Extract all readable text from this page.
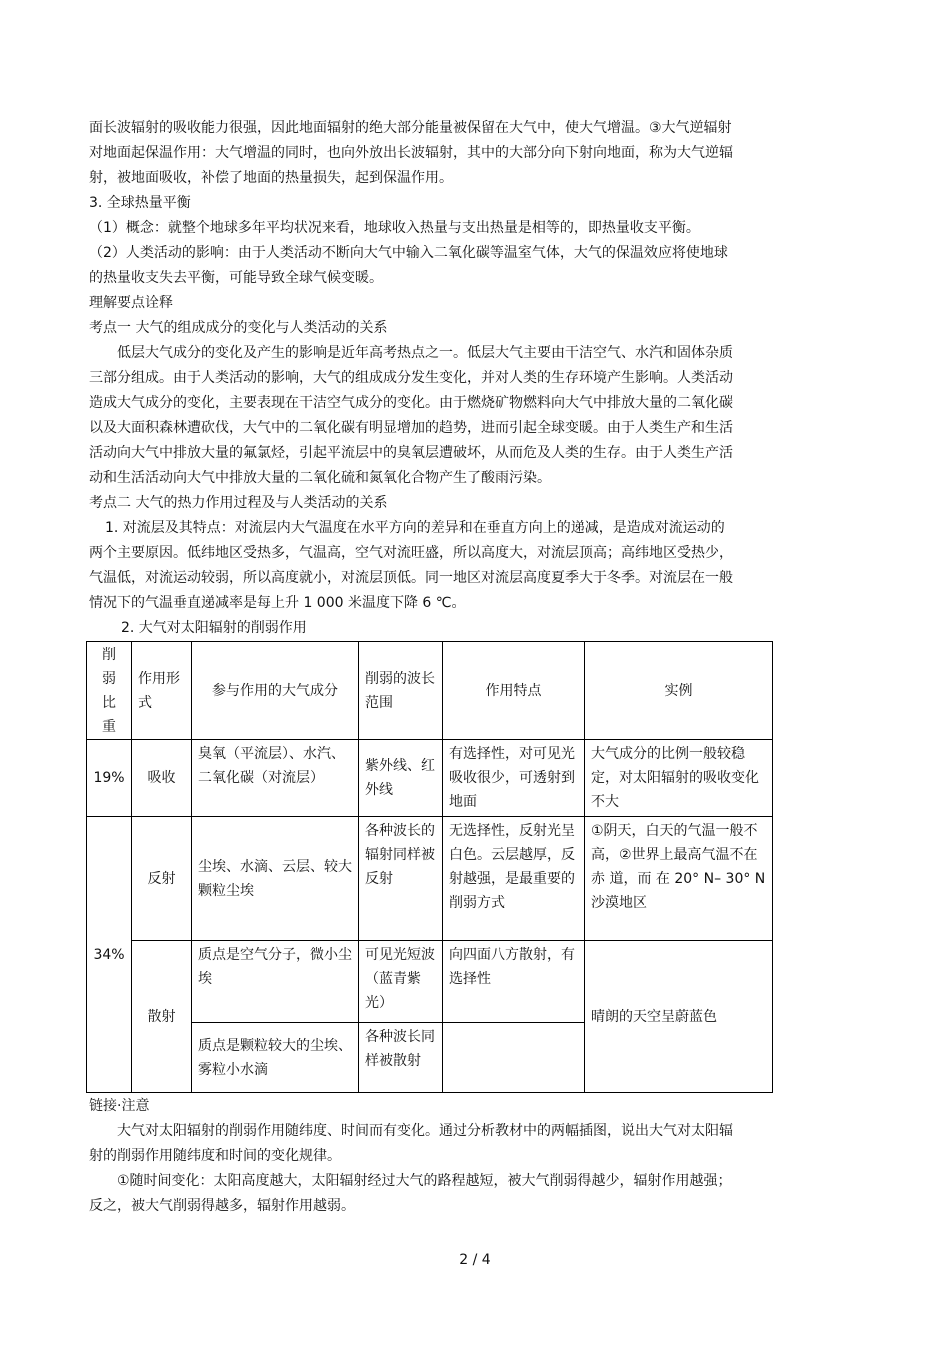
面长波辐射的吸收能力很强，因此地面辐射的绝大部分能量被保留在大气中，使大气增温。③大气逆辐射
对地面起保温作用：大气增温的同时，也向外放出长波辐射，其中的大部分向下射向地面，称为大气逆辐
射，被地面吸收，补偿了地面的热量损失，起到保温作用。
3. 全球热量平衡
（1）概念：就整个地球多年平均状况来看，地球收入热量与支出热量是相等的，即热量收支平衡。
（2）人类活动的影响：由于人类活动不断向大气中输入二氧化碳等温室气体，大气的保温效应将使地球
的热量收支失去平衡，可能导致全球气候变暖。
理解要点诠释
考点一 大气的组成成分的变化与人类活动的关系
低层大气成分的变化及产生的影响是近年高考热点之一。低层大气主要由干洁空气、水汽和固体杂质
三部分组成。由于人类活动的影响，大气的组成成分发生变化，并对人类的生存环境产生影响。人类活动
造成大气成分的变化，主要表现在干洁空气成分的变化。由于燃烧矿物燃料向大气中排放大量的二氧化碳
以及大面积森林遭砍伐，大气中的二氧化碳有明显增加的趋势，进而引起全球变暖。由于人类生产和生活
活动向大气中排放大量的氟氯烃，引起平流层中的臭氧层遭破坏，从而危及人类的生存。由于人类生产活
动和生活活动向大气中排放大量的二氧化硫和氮氧化合物产生了酸雨污染。
考点二 大气的热力作用过程及与人类活动的关系
1. 对流层及其特点：对流层内大气温度在水平方向的差异和在垂直方向上的递减，是造成对流运动的
两个主要原因。低纬地区受热多，气温高，空气对流旺盛，所以高度大，对流层顶高；高纬地区受热少，
气温低，对流运动较弱，所以高度就小，对流层顶低。同一地区对流层高度夏季大于冬季。对流层在一般
情况下的气温垂直递减率是每上升 1 000 米温度下降 6 ℃。
2. 大气对太阳辐射的削弱作用
削弱比重	作用形式	参与作用的大气成分	削弱的波长范围	作用特点	实例
19%	吸收	臭氧（平流层）、水汽、二氧化碳（对流层）	紫外线、红外线	有选择性，对可见光吸收很少，可透射到地面	大气成分的比例一般较稳定，对太阳辐射的吸收变化不大
34%	反射	尘埃、水滴、云层、较大颗粒尘埃	各种波长的辐射同样被反射	无选择性，反射光呈白色。云层越厚，反射越强，是最重要的削弱方式	①阴天，白天的气温一般不高，②世界上最高气温不在赤 道，而 在 20° N– 30° N 沙漠地区
	散射	质点是空气分子，微小尘埃	可见光短波（蓝青紫光）	向四面八方散射，有选择性	晴朗的天空呈蔚蓝色
		质点是颗粒较大的尘埃、雾粒小水滴	各种波长同样被散射		
链接·注意
大气对太阳辐射的削弱作用随纬度、时间而有变化。通过分析教材中的两幅插图，说出大气对太阳辐
射的削弱作用随纬度和时间的变化规律。
①随时间变化：太阳高度越大，太阳辐射经过大气的路程越短，被大气削弱得越少，辐射作用越强；
反之，被大气削弱得越多，辐射作用越弱。
2 / 4
